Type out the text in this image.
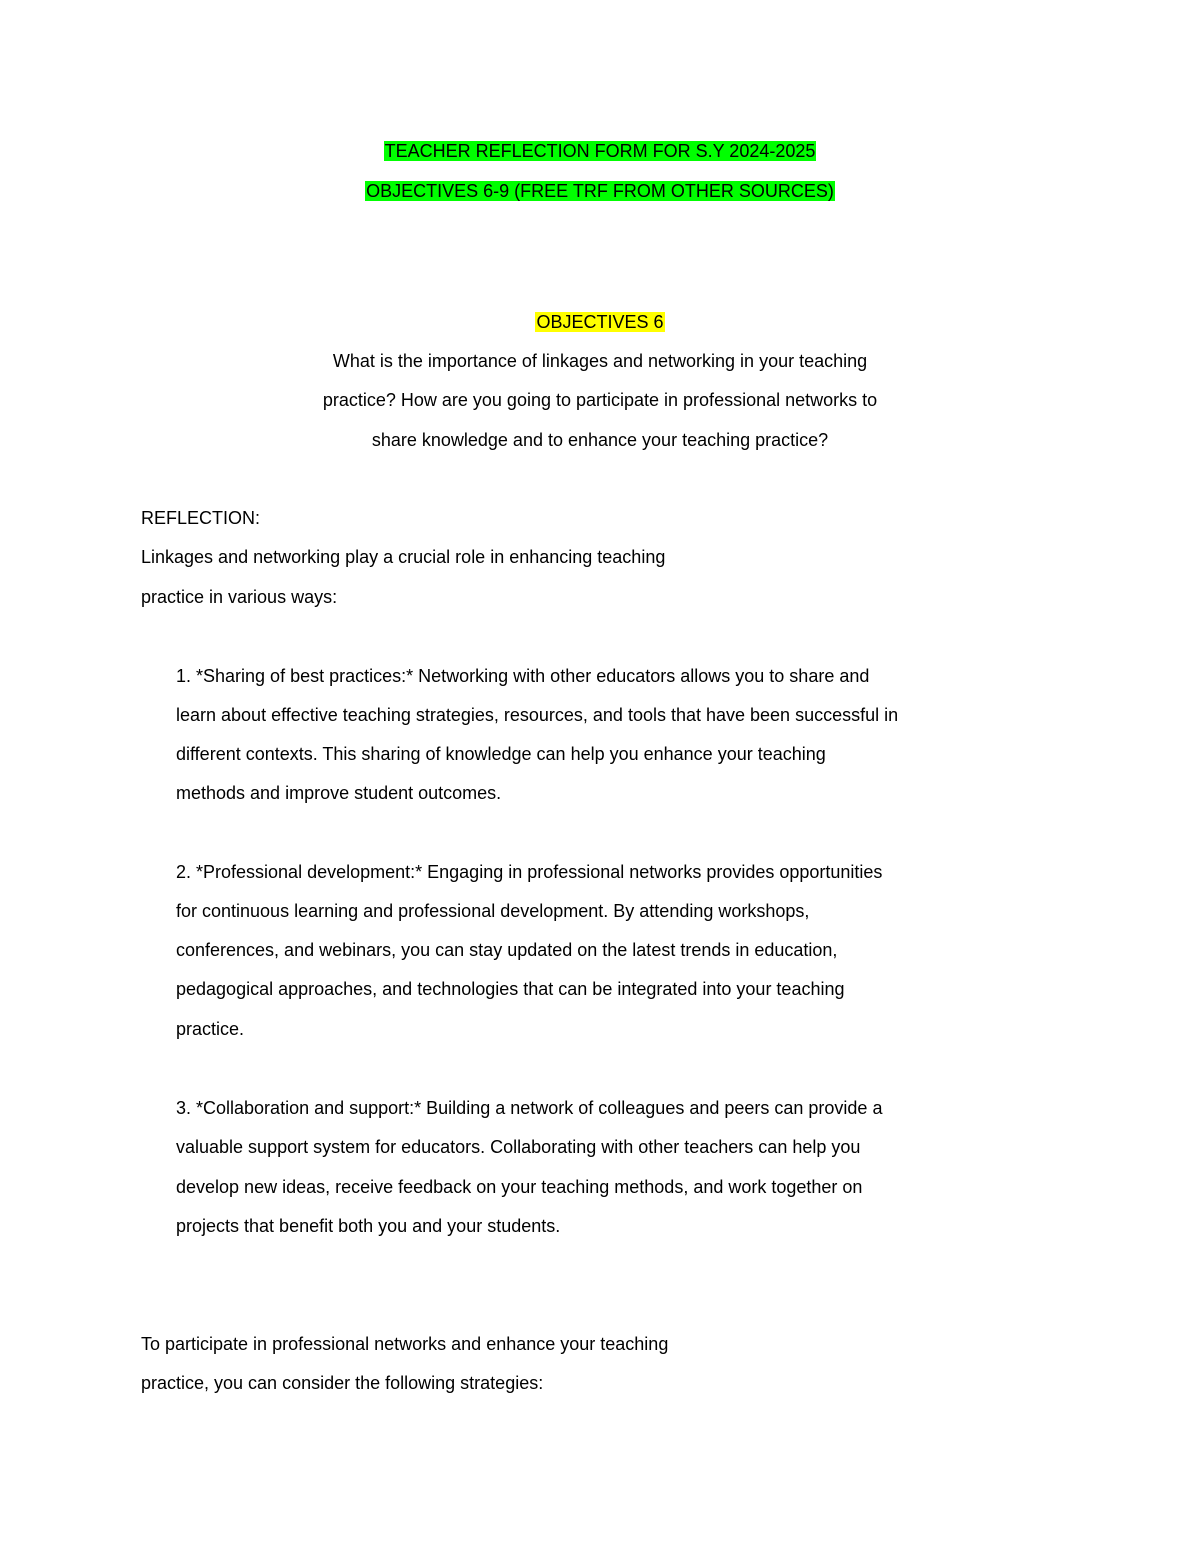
TEACHER REFLECTION FORM FOR S.Y 2024-2025
OBJECTIVES 6-9 (FREE TRF FROM OTHER SOURCES)
OBJECTIVES 6
What is the importance of linkages and networking in your teaching
practice? How are you going to participate in professional networks to
share knowledge and to enhance your teaching practice?
REFLECTION:
Linkages and networking play a crucial role in enhancing teaching
practice in various ways:
1. *Sharing of best practices:* Networking with other educators allows you to share and
learn about effective teaching strategies, resources, and tools that have been successful in
different contexts. This sharing of knowledge can help you enhance your teaching
methods and improve student outcomes.
2. *Professional development:* Engaging in professional networks provides opportunities
for continuous learning and professional development. By attending workshops,
conferences, and webinars, you can stay updated on the latest trends in education,
pedagogical approaches, and technologies that can be integrated into your teaching
practice.
3. *Collaboration and support:* Building a network of colleagues and peers can provide a
valuable support system for educators. Collaborating with other teachers can help you
develop new ideas, receive feedback on your teaching methods, and work together on
projects that benefit both you and your students.
To participate in professional networks and enhance your teaching
practice, you can consider the following strategies:
